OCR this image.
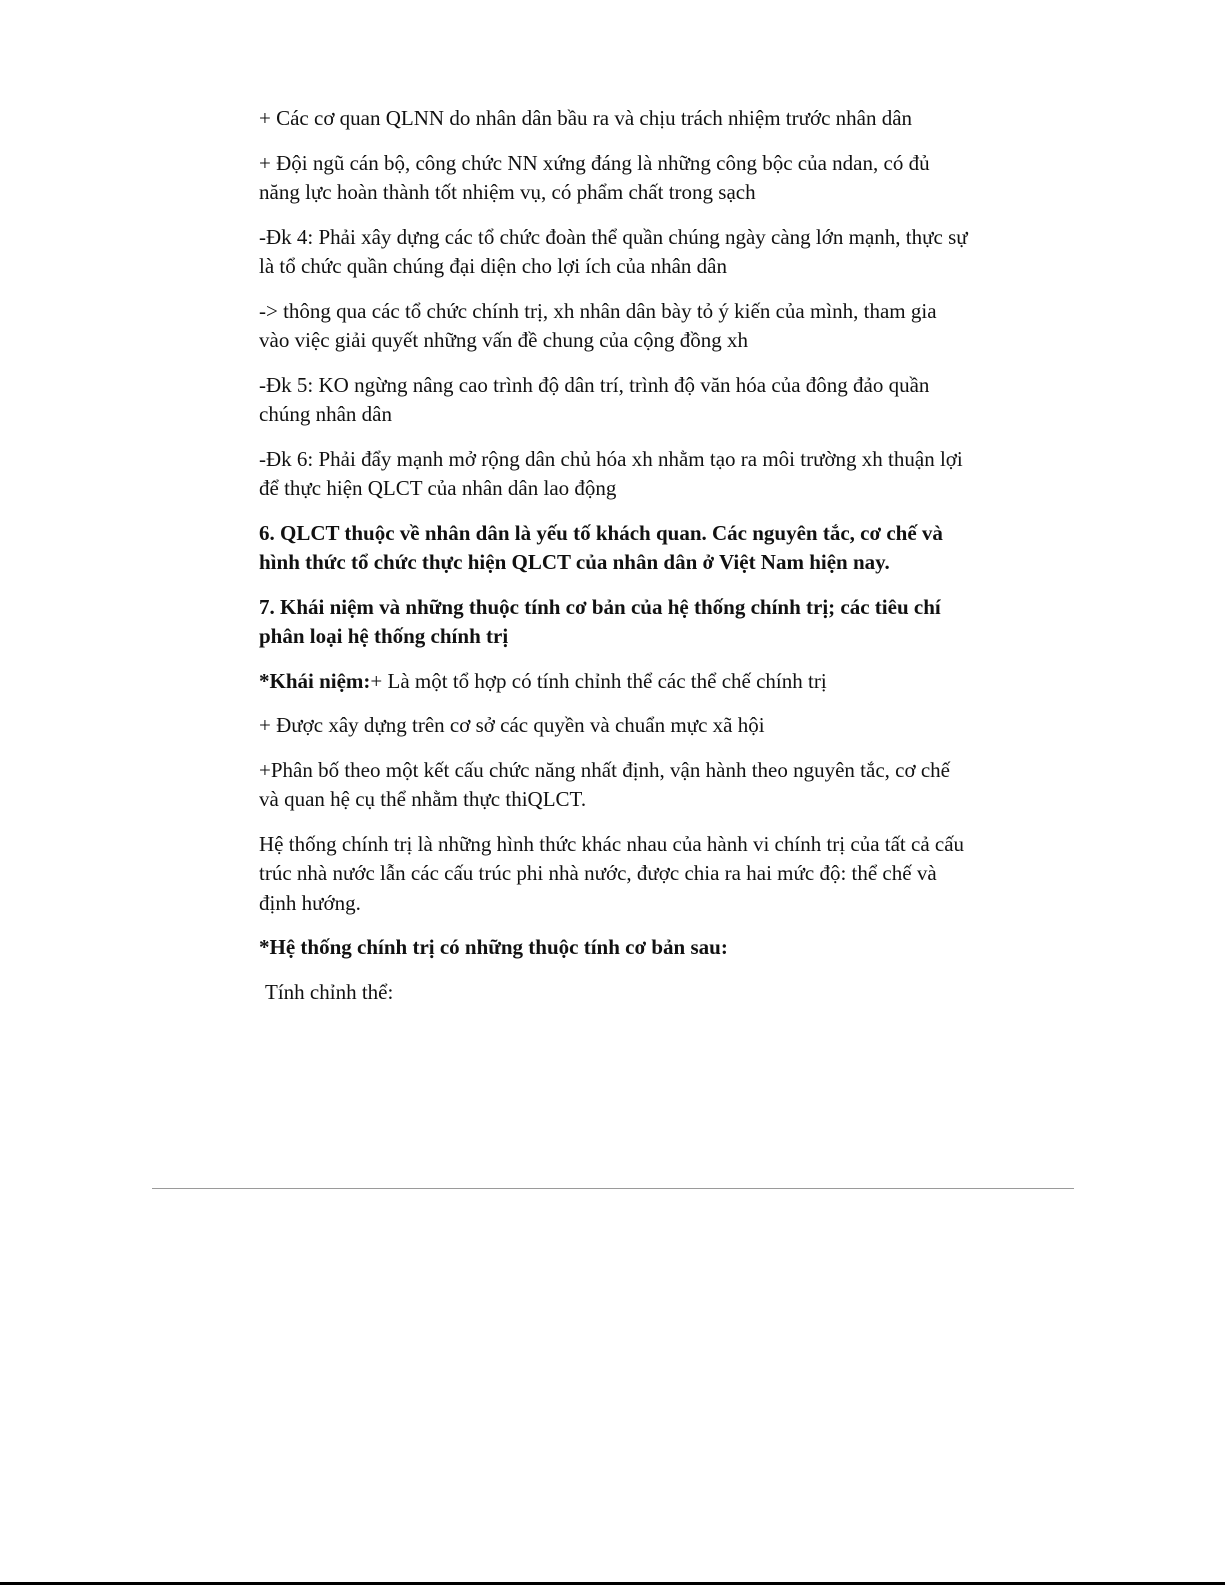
+ Các cơ quan QLNN do nhân dân bầu ra và chịu trách nhiệm trước nhân dân

+ Đội ngũ cán bộ, công chức NN xứng đáng là những công bộc của ndan, có đủ năng lực hoàn thành tốt nhiệm vụ, có phẩm chất trong sạch

-Đk 4: Phải xây dựng các tổ chức đoàn thể quần chúng ngày càng lớn mạnh, thực sự là tổ chức quần chúng đại diện cho lợi ích của nhân dân

-> thông qua các tổ chức chính trị, xh nhân dân bày tỏ ý kiến của mình, tham gia vào việc giải quyết những vấn đề chung của cộng đồng xh

-Đk 5: KO ngừng nâng cao trình độ dân trí, trình độ văn hóa của đông đảo quần chúng nhân dân

-Đk 6: Phải đẩy mạnh mở rộng dân chủ hóa xh nhằm tạo ra môi trường xh thuận lợi để thực hiện QLCT của nhân dân lao động

6. QLCT thuộc về nhân dân là yếu tố khách quan. Các nguyên tắc, cơ chế và hình thức tổ chức thực hiện QLCT của nhân dân ở Việt Nam hiện nay.

7. Khái niệm và những thuộc tính cơ bản của hệ thống chính trị; các tiêu chí phân loại hệ thống chính trị

*Khái niệm:+ Là một tổ hợp có tính chỉnh thể các thể chế chính trị

+ Được xây dựng trên cơ sở các quyền và chuẩn mực xã hội

+Phân bố theo một kết cấu chức năng nhất định, vận hành theo nguyên tắc, cơ chế và quan hệ cụ thể nhằm thực thiQLCT.

Hệ thống chính trị là những hình thức khác nhau của hành vi chính trị của tất cả cấu trúc nhà nước lẫn các cấu trúc phi nhà nước, được chia ra hai mức độ: thể chế và định hướng.

*Hệ thống chính trị có những thuộc tính cơ bản sau:

Tính chỉnh thể:
